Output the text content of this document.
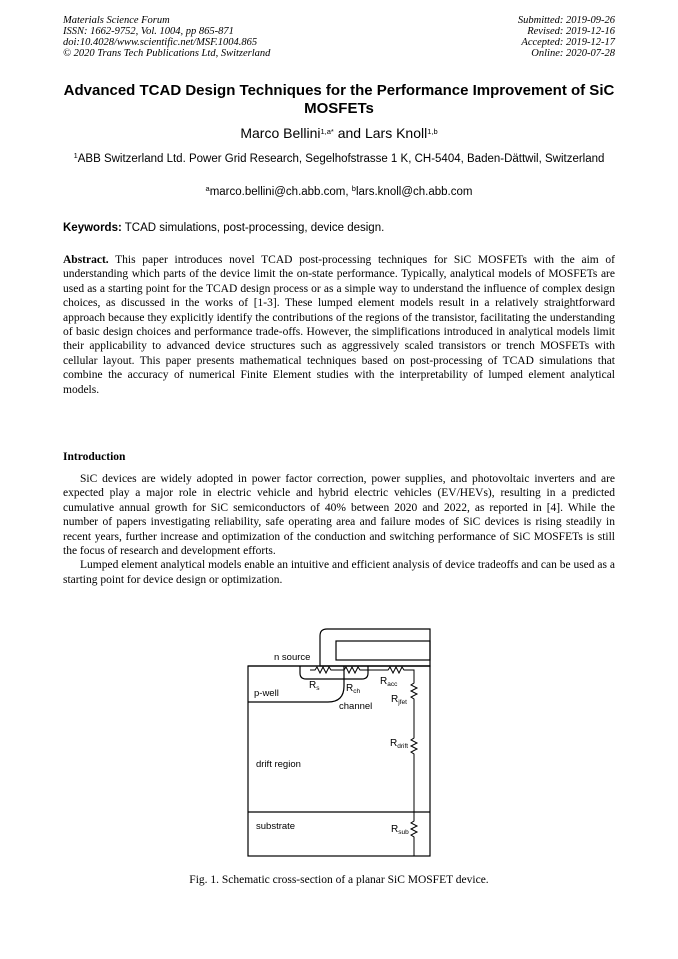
Materials Science Forum	Submitted: 2019-09-26
ISSN: 1662-9752, Vol. 1004, pp 865-871	Revised: 2019-12-16
doi:10.4028/www.scientific.net/MSF.1004.865	Accepted: 2019-12-17
© 2020 Trans Tech Publications Ltd, Switzerland	Online: 2020-07-28
Advanced TCAD Design Techniques for the Performance Improvement of SiC MOSFETs
Marco Bellini$^{1,a*}$ and Lars Knoll$^{1,b}$
$^1$ABB Switzerland Ltd. Power Grid Research, Segelhofstrasse 1 K, CH-5404, Baden-Dättwil, Switzerland
$^a$marco.bellini@ch.abb.com, $^b$lars.knoll@ch.abb.com
Keywords: TCAD simulations, post-processing, device design.
Abstract. This paper introduces novel TCAD post-processing techniques for SiC MOSFETs with the aim of understanding which parts of the device limit the on-state performance. Typically, analytical models of MOSFETs are used as a starting point for the TCAD design process or as a simple way to understand the influence of complex design choices, as discussed in the works of [1-3]. These lumped element models result in a relatively straightforward approach because they explicitly identify the contributions of the regions of the transistor, facilitating the understanding of basic design choices and performance trade-offs. However, the simplifications introduced in analytical models limit their applicability to advanced device structures such as aggressively scaled transistors or trench MOSFETs with cellular layout. This paper presents mathematical techniques based on post-processing of TCAD simulations that combine the accuracy of numerical Finite Element studies with the interpretability of lumped element analytical models.
Introduction

SiC devices are widely adopted in power factor correction, power supplies, and photovoltaic inverters and are expected play a major role in electric vehicle and hybrid electric vehicles (EV/HEVs), resulting in a predicted cumulative annual growth for SiC semiconductors of 40% between 2020 and 2022, as reported in [4]. While the number of papers investigating reliability, safe operating area and failure modes of SiC devices is rising steadily in recent years, further increase and optimization of the conduction and switching performance of SiC MOSFETs is still the focus of research and development efforts.

Lumped element analytical models enable an intuitive and efficient analysis of device tradeoffs and can be used as a starting point for device design or optimization.

n source
p-well
channel
drift region
substrate
$R_s$	$R_{ch}$
$R_{acc}$
$R_{jfet}$
$R_{drift}$
$R_{sub}$
Fig. 1. Schematic cross-section of a planar SiC MOSFET device.
